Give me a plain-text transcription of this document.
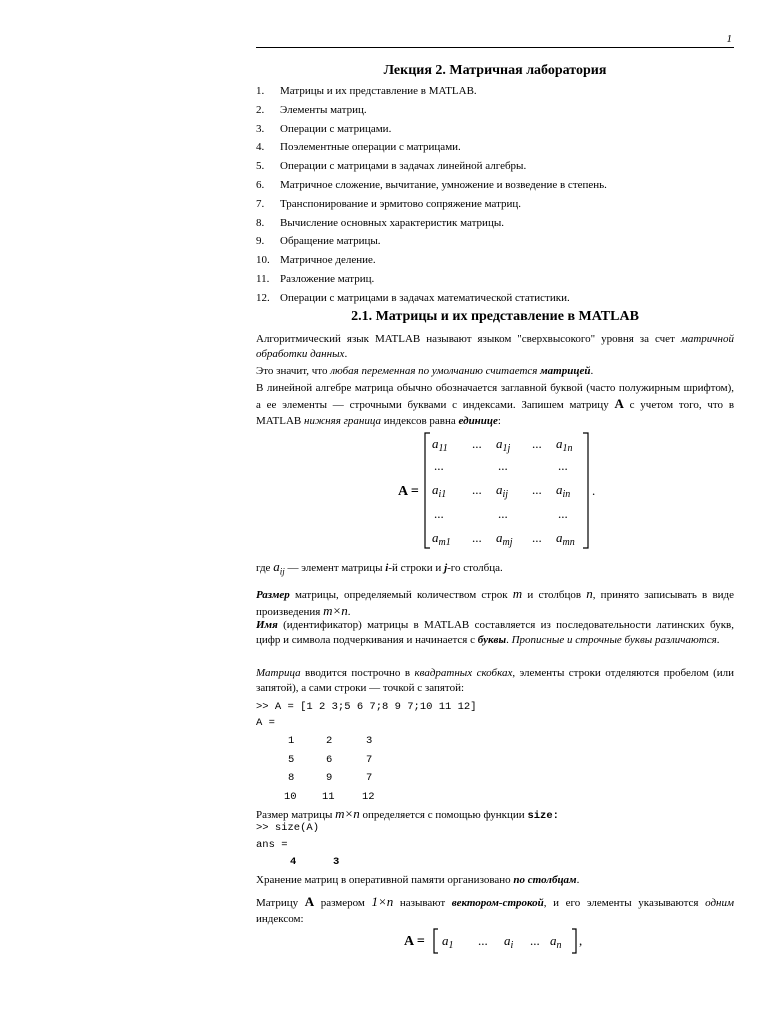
1
Лекция 2. Матричная лаборатория
1. Матрицы и их представление в MATLAB.
2. Элементы матриц.
3. Операции с матрицами.
4. Поэлементные операции с матрицами.
5. Операции с матрицами в задачах линейной алгебры.
6. Матричное сложение, вычитание, умножение и возведение в степень.
7. Транспонирование и эрмитово сопряжение матриц.
8. Вычисление основных характеристик матрицы.
9. Обращение матрицы.
10. Матричное деление.
11. Разложение матриц.
12. Операции с матрицами в задачах математической статистики.
2.1. Матрицы и их представление в MATLAB
Алгоритмический язык MATLAB называют языком "сверхвысокого" уровня за счет матричной обработки данных.
Это значит, что любая переменная по умолчанию считается матрицей.
В линейной алгебре матрица обычно обозначается заглавной буквой (часто полужирным шрифтом), а ее элементы — строчными буквами с индексами. Запишем матрицу A с учетом того, что в MATLAB нижняя граница индексов равна единице:
A =
$a_{11}$ ... $a_{1j}$ ... $a_{1n}$
...	...	...
$a_{i1}$ ... $a_{ij}$ ... $a_{in}$
...	...	...
$a_{m1}$ ... $a_{mj}$ ... $a_{mn}$
.
где $a_{ij}$ — элемент матрицы i-й строки и j-го столбца.
Размер матрицы, определяемый количеством строк m и столбцов n, принято записывать в виде произведения m×n.
Имя (идентификатор) матрицы в MATLAB составляется из последовательности латинских букв, цифр и символа подчеркивания и начинается с буквы. Прописные и строчные буквы различаются.
Матрица вводится построчно в квадратных скобках, элементы строки отделяются пробелом (или запятой), а сами строки — точкой с запятой:
>> A = [1 2 3;5 6 7;8 9 7;10 11 12]
A =
1	2	3
5	6	7
8	9	7
10 11	12
Размер матрицы m×n определяется с помощью функции size:
>> size(A)
ans =
4	3
Хранение матриц в оперативной памяти организовано по столбцам.
Матрицу A размером 1×n называют вектором-строкой, и его элементы указываются одним индексом:
$A = a_1$ ... $a_i$ ... $a_n$ ,
